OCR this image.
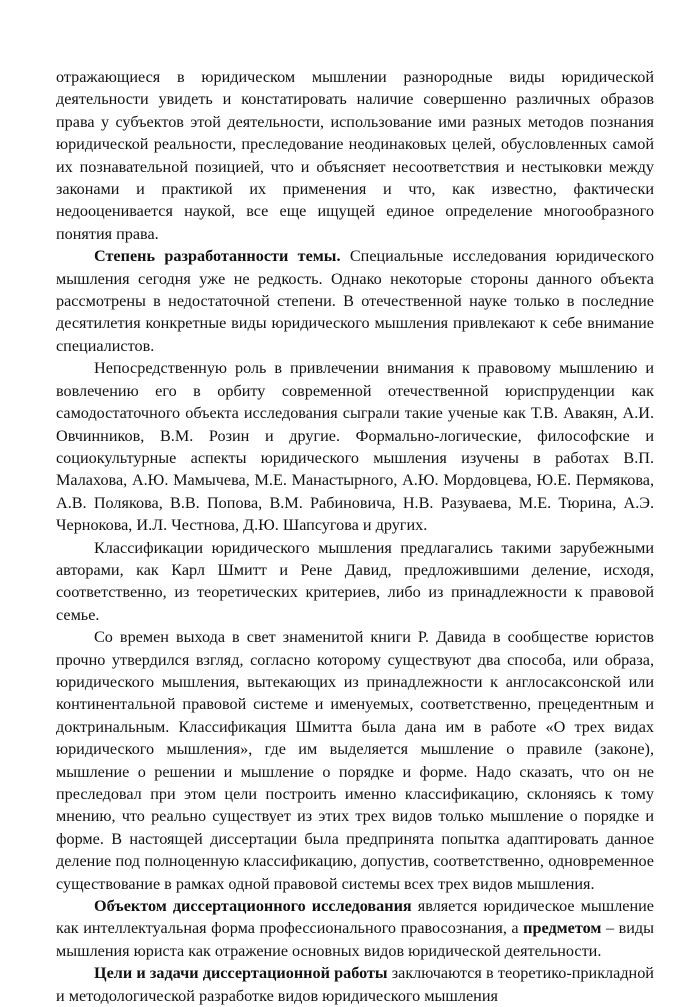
отражающиеся в юридическом мышлении разнородные виды юридической деятельности увидеть и констатировать наличие совершенно различных образов права у субъектов этой деятельности, использование ими разных методов познания юридической реальности, преследование неодинаковых целей, обусловленных самой их познавательной позицией, что и объясняет несоответствия и нестыковки между законами и практикой их применения и что, как известно, фактически недооценивается наукой, все еще ищущей единое определение многообразного понятия права.

Степень разработанности темы. Специальные исследования юридического мышления сегодня уже не редкость. Однако некоторые стороны данного объекта рассмотрены в недостаточной степени. В отечественной науке только в последние десятилетия конкретные виды юридического мышления привлекают к себе внимание специалистов.

Непосредственную роль в привлечении внимания к правовому мышлению и вовлечению его в орбиту современной отечественной юриспруденции как самодостаточного объекта исследования сыграли такие ученые как Т.В. Авакян, А.И. Овчинников, В.М. Розин и другие. Формально-логические, философские и социокультурные аспекты юридического мышления изучены в работах В.П. Малахова, А.Ю. Мамычева, М.Е. Манастырного, А.Ю. Мордовцева, Ю.Е. Пермякова, А.В. Полякова, В.В. Попова, В.М. Рабиновича, Н.В. Разуваева, М.Е. Тюрина, А.Э. Чернокова, И.Л. Честнова, Д.Ю. Шапсугова и других.

Классификации юридического мышления предлагались такими зарубежными авторами, как Карл Шмитт и Рене Давид, предложившими деление, исходя, соответственно, из теоретических критериев, либо из принадлежности к правовой семье.

Со времен выхода в свет знаменитой книги Р. Давида в сообществе юристов прочно утвердился взгляд, согласно которому существуют два способа, или образа, юридического мышления, вытекающих из принадлежности к англосаксонской или континентальной правовой системе и именуемых, соответственно, прецедентным и доктринальным. Классификация Шмитта была дана им в работе «О трех видах юридического мышления», где им выделяется мышление о правиле (законе), мышление о решении и мышление о порядке и форме. Надо сказать, что он не преследовал при этом цели построить именно классификацию, склоняясь к тому мнению, что реально существует из этих трех видов только мышление о порядке и форме. В настоящей диссертации была предпринята попытка адаптировать данное деление под полноценную классификацию, допустив, соответственно, одновременное существование в рамках одной правовой системы всех трех видов мышления.

Объектом диссертационного исследования является юридическое мышление как интеллектуальная форма профессионального правосознания, а предметом – виды мышления юриста как отражение основных видов юридической деятельности.

Цели и задачи диссертационной работы заключаются в теоретико-прикладной и методологической разработке видов юридического мышления
